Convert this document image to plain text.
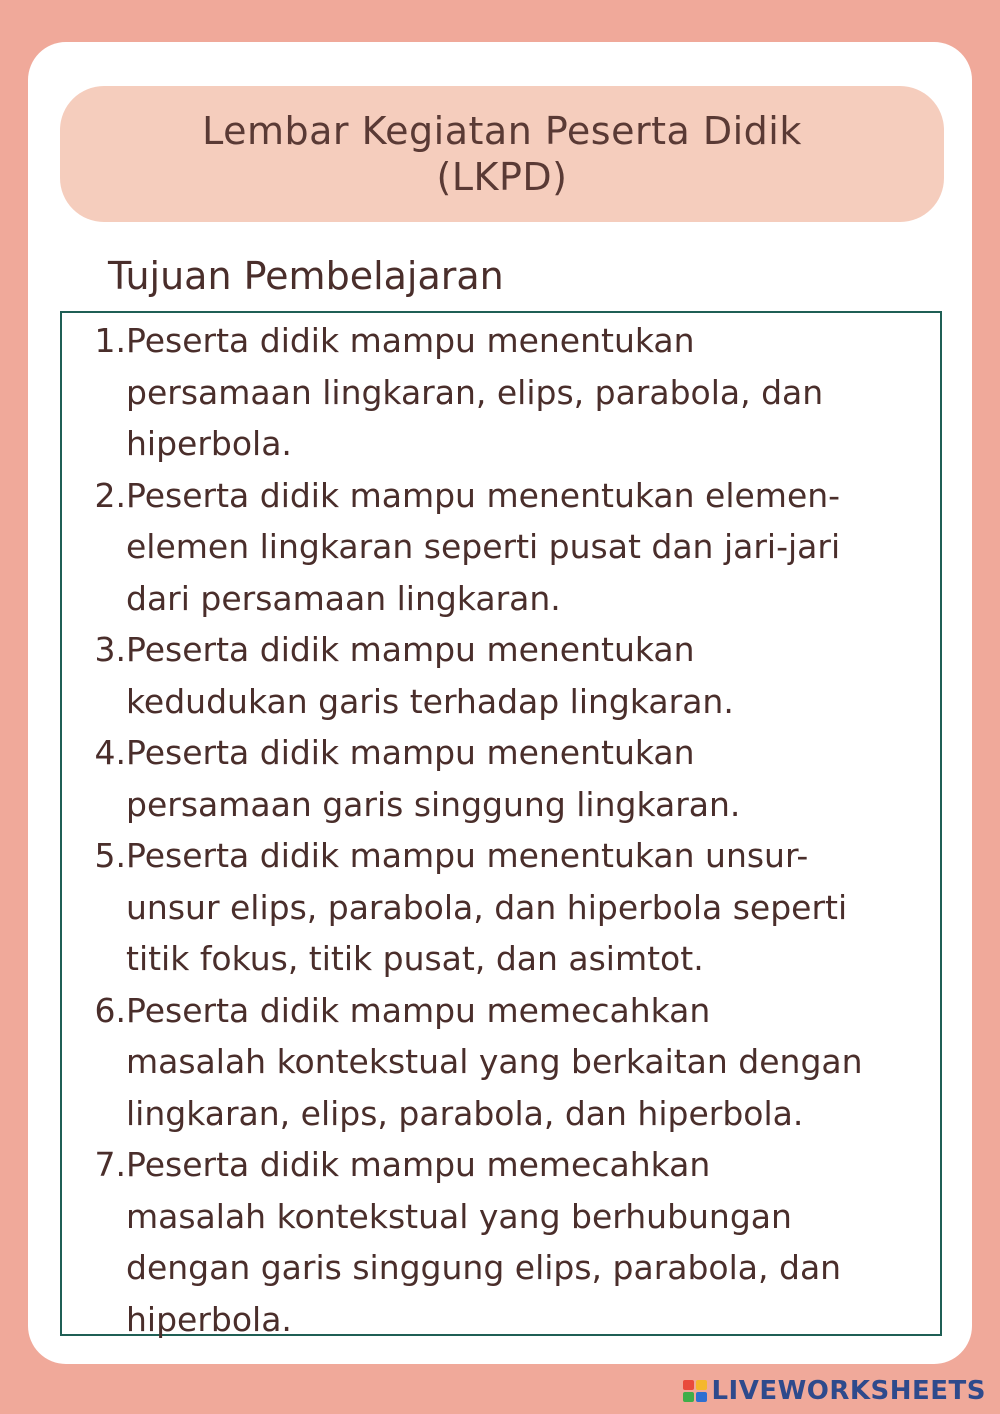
Lembar Kegiatan Peserta Didik
(LKPD)
Tujuan Pembelajaran
1. Peserta didik mampu menentukan
persamaan lingkaran, elips, parabola, dan
hiperbola.
2. Peserta didik mampu menentukan elemen-
elemen lingkaran seperti pusat dan jari-jari
dari persamaan lingkaran.
3. Peserta didik mampu menentukan
kedudukan garis terhadap lingkaran.
4. Peserta didik mampu menentukan
persamaan garis singgung lingkaran.
5. Peserta didik mampu menentukan unsur-
unsur elips, parabola, dan hiperbola seperti
titik fokus, titik pusat, dan asimtot.
6. Peserta didik mampu memecahkan
masalah kontekstual yang berkaitan dengan
lingkaran, elips, parabola, dan hiperbola.
7. Peserta didik mampu memecahkan
masalah kontekstual yang berhubungan
dengan garis singgung elips, parabola, dan
hiperbola.
LIVEWORKSHEETS
